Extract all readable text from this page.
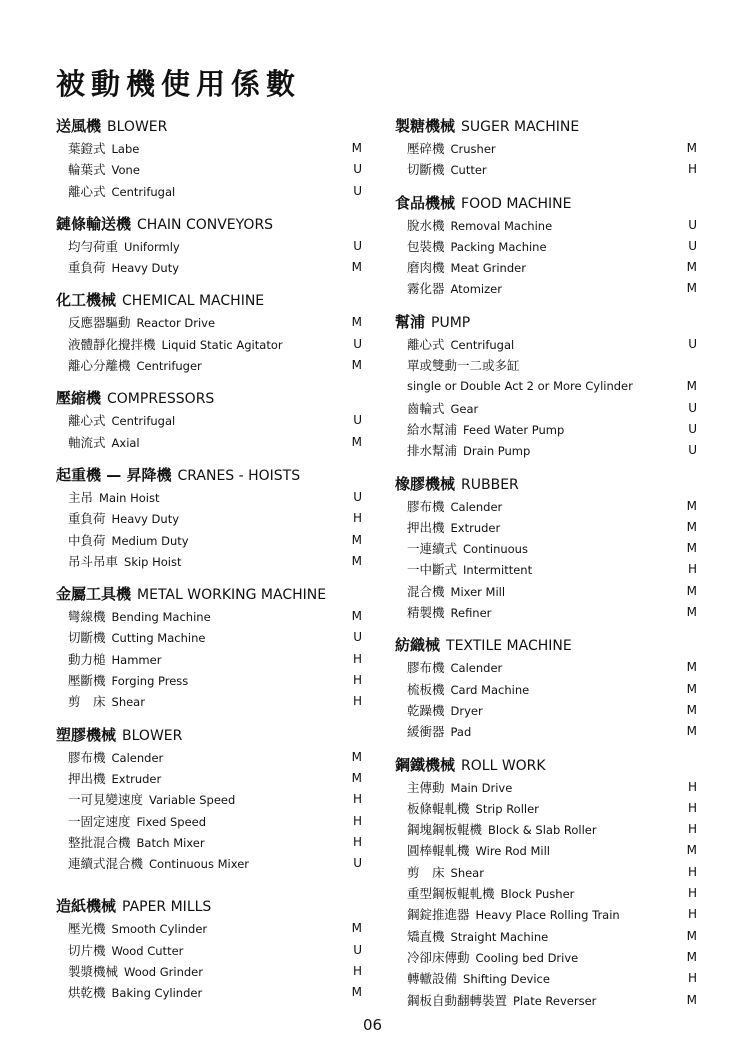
被動機使用係數
送風機 BLOWER
葉鐙式 Labe	M
輪葉式 Vone	U
離心式 Centrifugal	U
鏈條輸送機 CHAIN CONVEYORS
均勻荷重 Uniformly	U
重負荷 Heavy Duty	M
化工機械 CHEMICAL MACHINE
反應器驅動 Reactor Drive	M
液體靜化攪拌機 Liquid Static Agitator	U
離心分離機 Centrifuger	M
壓縮機 COMPRESSORS
離心式 Centrifugal	U
軸流式 Axial	M
起重機 — 昇降機 CRANES - HOISTS
主吊 Main Hoist	U
重負荷 Heavy Duty	H
中負荷 Medium Duty	M
吊斗吊車 Skip Hoist	M
金屬工具機 METAL WORKING MACHINE
彎線機 Bending Machine	M
切斷機 Cutting Machine	U
動力槌 Hammer	H
壓斷機 Forging Press	H
剪　床 Shear	H
塑膠機械 BLOWER
膠布機 Calender	M
押出機 Extruder	M
一可見變速度 Variable Speed	H
一固定速度 Fixed Speed	H
整批混合機 Batch Mixer	H
連續式混合機 Continuous Mixer	U
造紙機械 PAPER MILLS
壓光機 Smooth Cylinder	M
切片機 Wood Cutter	U
製漿機械 Wood Grinder	H
烘乾機 Baking Cylinder	M
製糖機械 SUGER MACHINE
壓碎機 Crusher	M
切斷機 Cutter	H
食品機械 FOOD MACHINE
脫水機 Removal Machine	U
包裝機 Packing Machine	U
磨肉機 Meat Grinder	M
霧化器 Atomizer	M
幫浦 PUMP
離心式 Centrifugal	U
單或雙動一二或多缸
single or Double Act 2 or More Cylinder	M
齒輪式 Gear	U
給水幫浦 Feed Water Pump	U
排水幫浦 Drain Pump	U
橡膠機械 RUBBER
膠布機 Calender	M
押出機 Extruder	M
一連續式 Continuous	M
一中斷式 Intermittent	H
混合機 Mixer Mill	M
精製機 Refiner	M
紡織械 TEXTILE MACHINE
膠布機 Calender	M
梳板機 Card Machine	M
乾躁機 Dryer	M
緩衝器 Pad	M
鋼鐵機械 ROLL WORK
主傳動 Main Drive	H
板條輥軋機 Strip Roller	H
鋼塊鋼板輥機 Block & Slab Roller	H
圓棒輥軋機 Wire Rod Mill	M
剪　床 Shear	H
重型鋼板輥軋機 Block Pusher	H
鋼錠推進器 Heavy Place Rolling Train	H
矯直機 Straight Machine	M
冷卻床傳動 Cooling bed Drive	M
轉轍設備 Shifting Device	H
鋼板自動翻轉裝置 Plate Reverser	M
06
